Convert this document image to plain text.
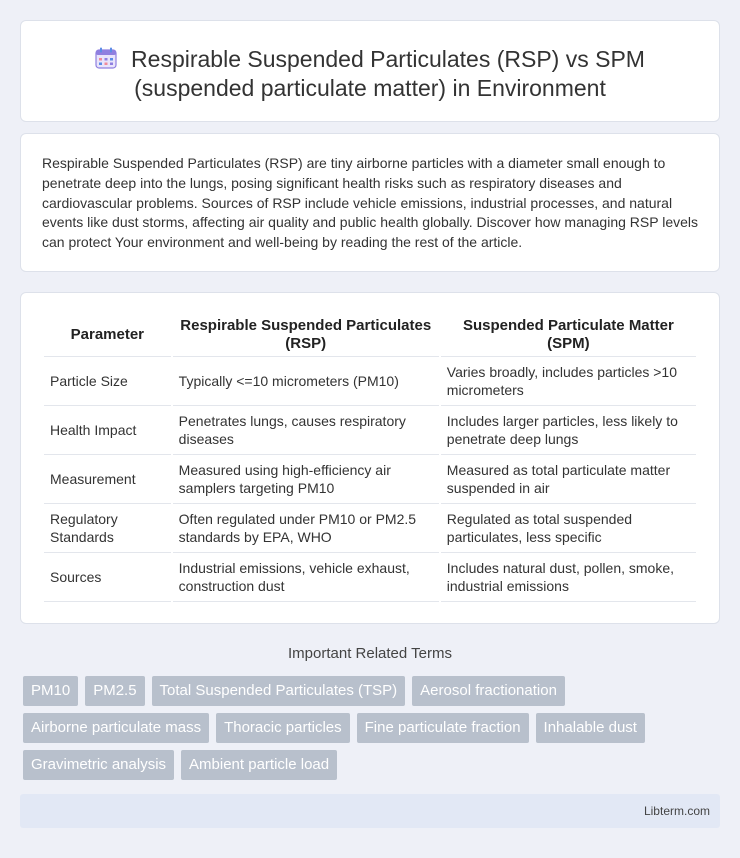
Respirable Suspended Particulates (RSP) vs SPM
(suspended particulate matter) in Environment

Respirable Suspended Particulates (RSP) are tiny airborne particles with a diameter small enough to penetrate deep into the lungs, posing significant health risks such as respiratory diseases and cardiovascular problems. Sources of RSP include vehicle emissions, industrial processes, and natural events like dust storms, affecting air quality and public health globally. Discover how managing RSP levels can protect Your environment and well-being by reading the rest of the article.

Parameter	Respirable Suspended Particulates (RSP)	Suspended Particulate Matter (SPM)
Particle Size	Typically <=10 micrometers (PM10)	Varies broadly, includes particles >10 micrometers
Health Impact	Penetrates lungs, causes respiratory diseases	Includes larger particles, less likely to penetrate deep lungs
Measurement	Measured using high-efficiency air samplers targeting PM10	Measured as total particulate matter suspended in air
Regulatory Standards	Often regulated under PM10 or PM2.5 standards by EPA, WHO	Regulated as total suspended particulates, less specific
Sources	Industrial emissions, vehicle exhaust, construction dust	Includes natural dust, pollen, smoke, industrial emissions
Important Related Terms
PM10	PM2.5	Total Suspended Particulates (TSP)	Aerosol fractionation
Airborne particulate mass	Thoracic particles	Fine particulate fraction	Inhalable dust
Gravimetric analysis	Ambient particle load
Libterm.com
